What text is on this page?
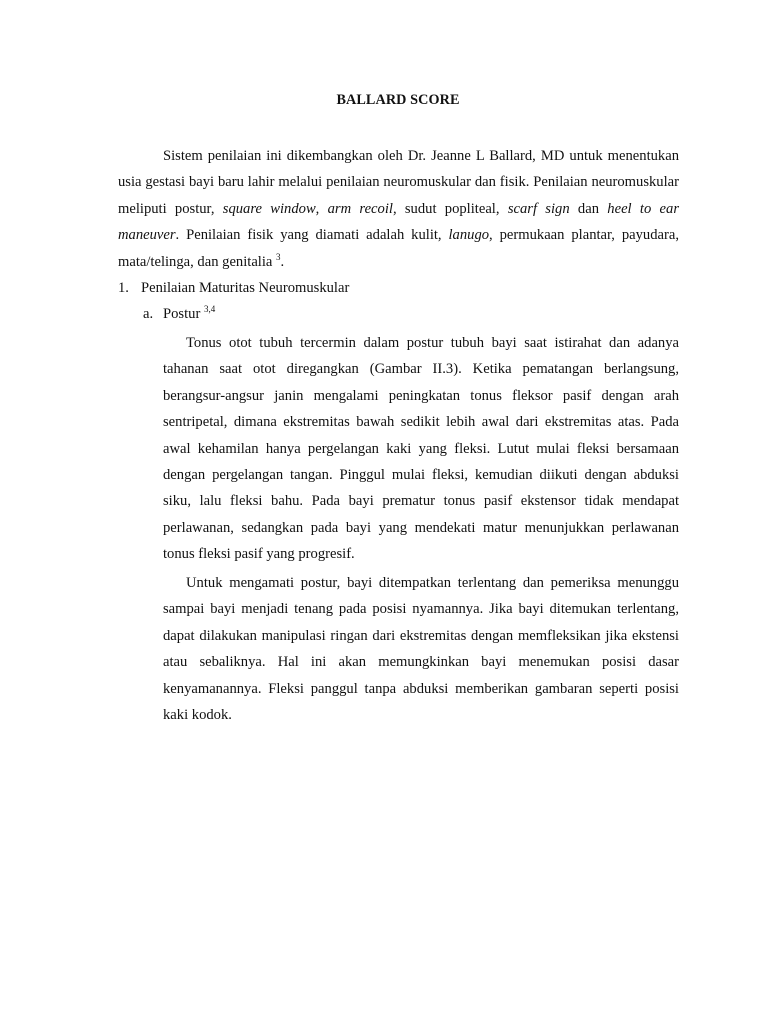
BALLARD SCORE

Sistem penilaian ini dikembangkan oleh Dr. Jeanne L Ballard, MD untuk menentukan usia gestasi bayi baru lahir melalui penilaian neuromuskular dan fisik. Penilaian neuromuskular meliputi postur, square window, arm recoil, sudut popliteal, scarf sign dan heel to ear maneuver. Penilaian fisik yang diamati adalah kulit, lanugo, permukaan plantar, payudara, mata/telinga, dan genitalia $^3$.

1. Penilaian Maturitas Neuromuskular

a. Postur $^{3,4}$

Tonus otot tubuh tercermin dalam postur tubuh bayi saat istirahat dan adanya tahanan saat otot diregangkan (Gambar II.3). Ketika pematangan berlangsung, berangsur-angsur janin mengalami peningkatan tonus fleksor pasif dengan arah sentripetal, dimana ekstremitas bawah sedikit lebih awal dari ekstremitas atas. Pada awal kehamilan hanya pergelangan kaki yang fleksi. Lutut mulai fleksi bersamaan dengan pergelangan tangan. Pinggul mulai fleksi, kemudian diikuti dengan abduksi siku, lalu fleksi bahu. Pada bayi prematur tonus pasif ekstensor tidak mendapat perlawanan, sedangkan pada bayi yang mendekati matur menunjukkan perlawanan tonus fleksi pasif yang progresif.

Untuk mengamati postur, bayi ditempatkan terlentang dan pemeriksa menunggu sampai bayi menjadi tenang pada posisi nyamannya. Jika bayi ditemukan terlentang, dapat dilakukan manipulasi ringan dari ekstremitas dengan memfleksikan jika ekstensi atau sebaliknya. Hal ini akan memungkinkan bayi menemukan posisi dasar kenyamanannya. Fleksi panggul tanpa abduksi memberikan gambaran seperti posisi kaki kodok.
